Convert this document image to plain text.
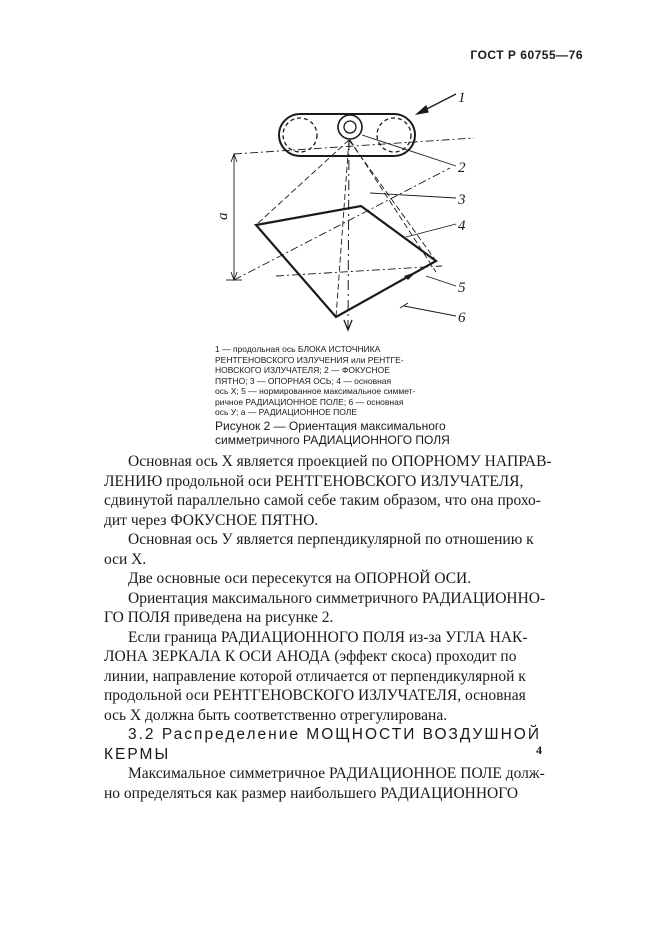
ГОСТ Р 60755—76
1
2
3
4
5
6
a
1 — продольная ось БЛОКА ИСТОЧНИКА
РЕНТГЕНОВСКОГО ИЗЛУЧЕНИЯ или РЕНТГЕ-
НОВСКОГО ИЗЛУЧАТЕЛЯ; 2 — ФОКУСНОЕ
ПЯТНО; 3 — ОПОРНАЯ ОСЬ; 4 — основная
ось X; 5 — нормированное максимальное симмет-
ричное РАДИАЦИОННОЕ ПОЛЕ; 6 — основная
ось У; а — РАДИАЦИОННОЕ ПОЛЕ
Рисунок 2 — Ориентация максимального
симметричного РАДИАЦИОННОГО ПОЛЯ
Основная ось Х является проекцией по ОПОРНОМУ НАПРАВ-
ЛЕНИЮ продольной оси РЕНТГЕНОВСКОГО ИЗЛУЧАТЕЛЯ,
сдвинутой параллельно самой себе таким образом, что она прохо-
дит через ФОКУСНОЕ ПЯТНО.
Основная ось У является перпендикулярной по отношению к
оси Х.
Две основные оси пересекутся на ОПОРНОЙ ОСИ.
Ориентация максимального симметричного РАДИАЦИОННО-
ГО ПОЛЯ приведена на рисунке 2.
Если граница РАДИАЦИОННОГО ПОЛЯ из-за УГЛА НАК-
ЛОНА ЗЕРКАЛА К ОСИ АНОДА (эффект скоса) проходит по
линии, направление которой отличается от перпендикулярной к
продольной оси РЕНТГЕНОВСКОГО ИЗЛУЧАТЕЛЯ, основная
ось Х должна быть соответственно отрегулирована.
3.2 Распределение МОЩНОСТИ ВОЗДУШНОЙ
КЕРМЫ
Максимальное симметричное РАДИАЦИОННОЕ ПОЛЕ долж-
но определяться как размер наибольшего РАДИАЦИОННОГО
4
